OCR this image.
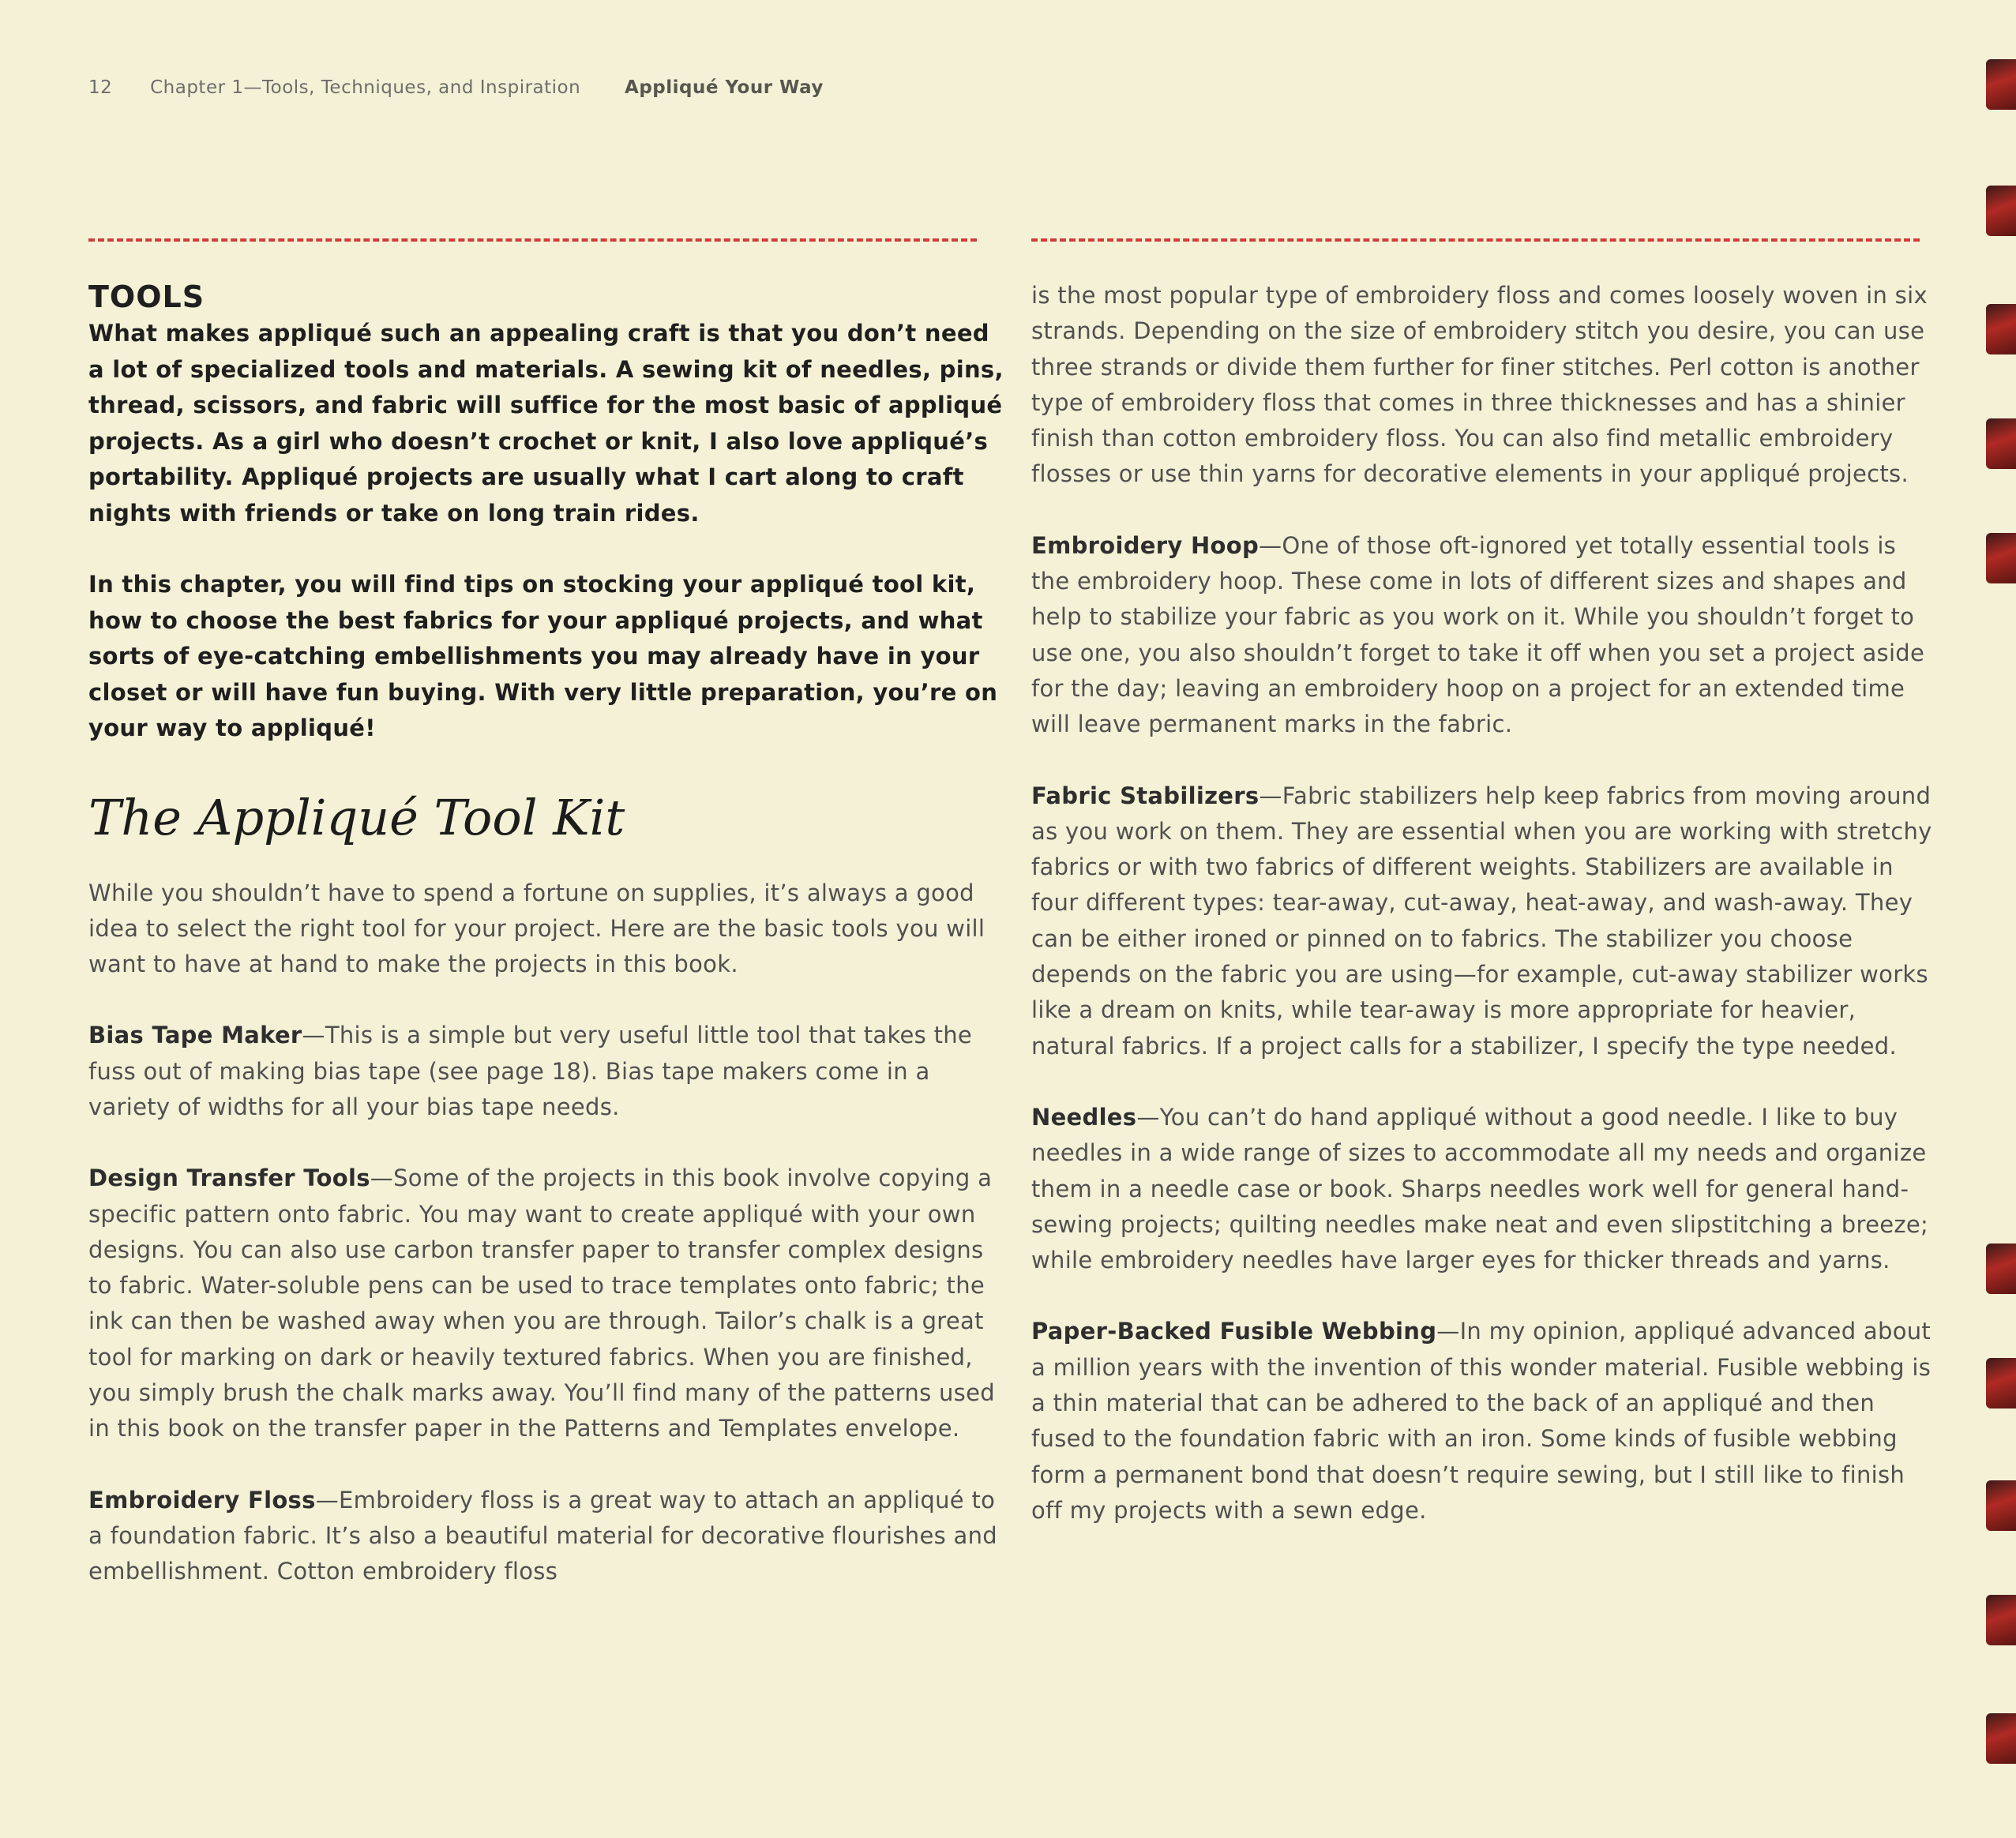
12 Chapter 1—Tools, Techniques, and Inspiration Appliqué Your Way
TOOLS

What makes appliqué such an appealing craft is that you don’t need a lot of specialized tools and materials. A sewing kit of needles, pins, thread, scissors, and fabric will suffice for the most basic of appliqué projects. As a girl who doesn’t crochet or knit, I also love appliqué’s portability. Appliqué projects are usually what I cart along to craft nights with friends or take on long train rides.

In this chapter, you will find tips on stocking your appliqué tool kit, how to choose the best fabrics for your appliqué projects, and what sorts of eye-catching embellishments you may already have in your closet or will have fun buying. With very little preparation, you’re on your way to appliqué!

The Appliqué Tool Kit

While you shouldn’t have to spend a fortune on supplies, it’s always a good idea to select the right tool for your project. Here are the basic tools you will want to have at hand to make the projects in this book.

Bias Tape Maker—This is a simple but very useful little tool that takes the fuss out of making bias tape (see page 18). Bias tape makers come in a variety of widths for all your bias tape needs.

Design Transfer Tools—Some of the projects in this book involve copying a specific pattern onto fabric. You may want to create appliqué with your own designs. You can also use carbon transfer paper to transfer complex designs to fabric. Water-soluble pens can be used to trace templates onto fabric; the ink can then be washed away when you are through. Tailor’s chalk is a great tool for marking on dark or heavily textured fabrics. When you are finished, you simply brush the chalk marks away. You’ll find many of the patterns used in this book on the transfer paper in the Patterns and Templates envelope.

Embroidery Floss—Embroidery floss is a great way to attach an appliqué to a foundation fabric. It’s also a beautiful material for decorative flourishes and embellishment. Cotton embroidery floss

is the most popular type of embroidery floss and comes loosely woven in six strands. Depending on the size of embroidery stitch you desire, you can use three strands or divide them further for finer stitches. Perl cotton is another type of embroidery floss that comes in three thicknesses and has a shinier finish than cotton embroidery floss. You can also find metallic embroidery flosses or use thin yarns for decorative elements in your appliqué projects.

Embroidery Hoop—One of those oft-ignored yet totally essential tools is the embroidery hoop. These come in lots of different sizes and shapes and help to stabilize your fabric as you work on it. While you shouldn’t forget to use one, you also shouldn’t forget to take it off when you set a project aside for the day; leaving an embroidery hoop on a project for an extended time will leave permanent marks in the fabric.

Fabric Stabilizers—Fabric stabilizers help keep fabrics from moving around as you work on them. They are essential when you are working with stretchy fabrics or with two fabrics of different weights. Stabilizers are available in four different types: tear-away, cut-away, heat-away, and wash-away. They can be either ironed or pinned on to fabrics. The stabilizer you choose depends on the fabric you are using—for example, cut-away stabilizer works like a dream on knits, while tear-away is more appropriate for heavier, natural fabrics. If a project calls for a stabilizer, I specify the type needed.

Needles—You can’t do hand appliqué without a good needle. I like to buy needles in a wide range of sizes to accommodate all my needs and organize them in a needle case or book. Sharps needles work well for general hand-sewing projects; quilting needles make neat and even slipstitching a breeze; while embroidery needles have larger eyes for thicker threads and yarns.

Paper-Backed Fusible Webbing—In my opinion, appliqué advanced about a million years with the invention of this wonder material. Fusible webbing is a thin material that can be adhered to the back of an appliqué and then fused to the foundation fabric with an iron. Some kinds of fusible webbing form a permanent bond that doesn’t require sewing, but I still like to finish off my projects with a sewn edge.
